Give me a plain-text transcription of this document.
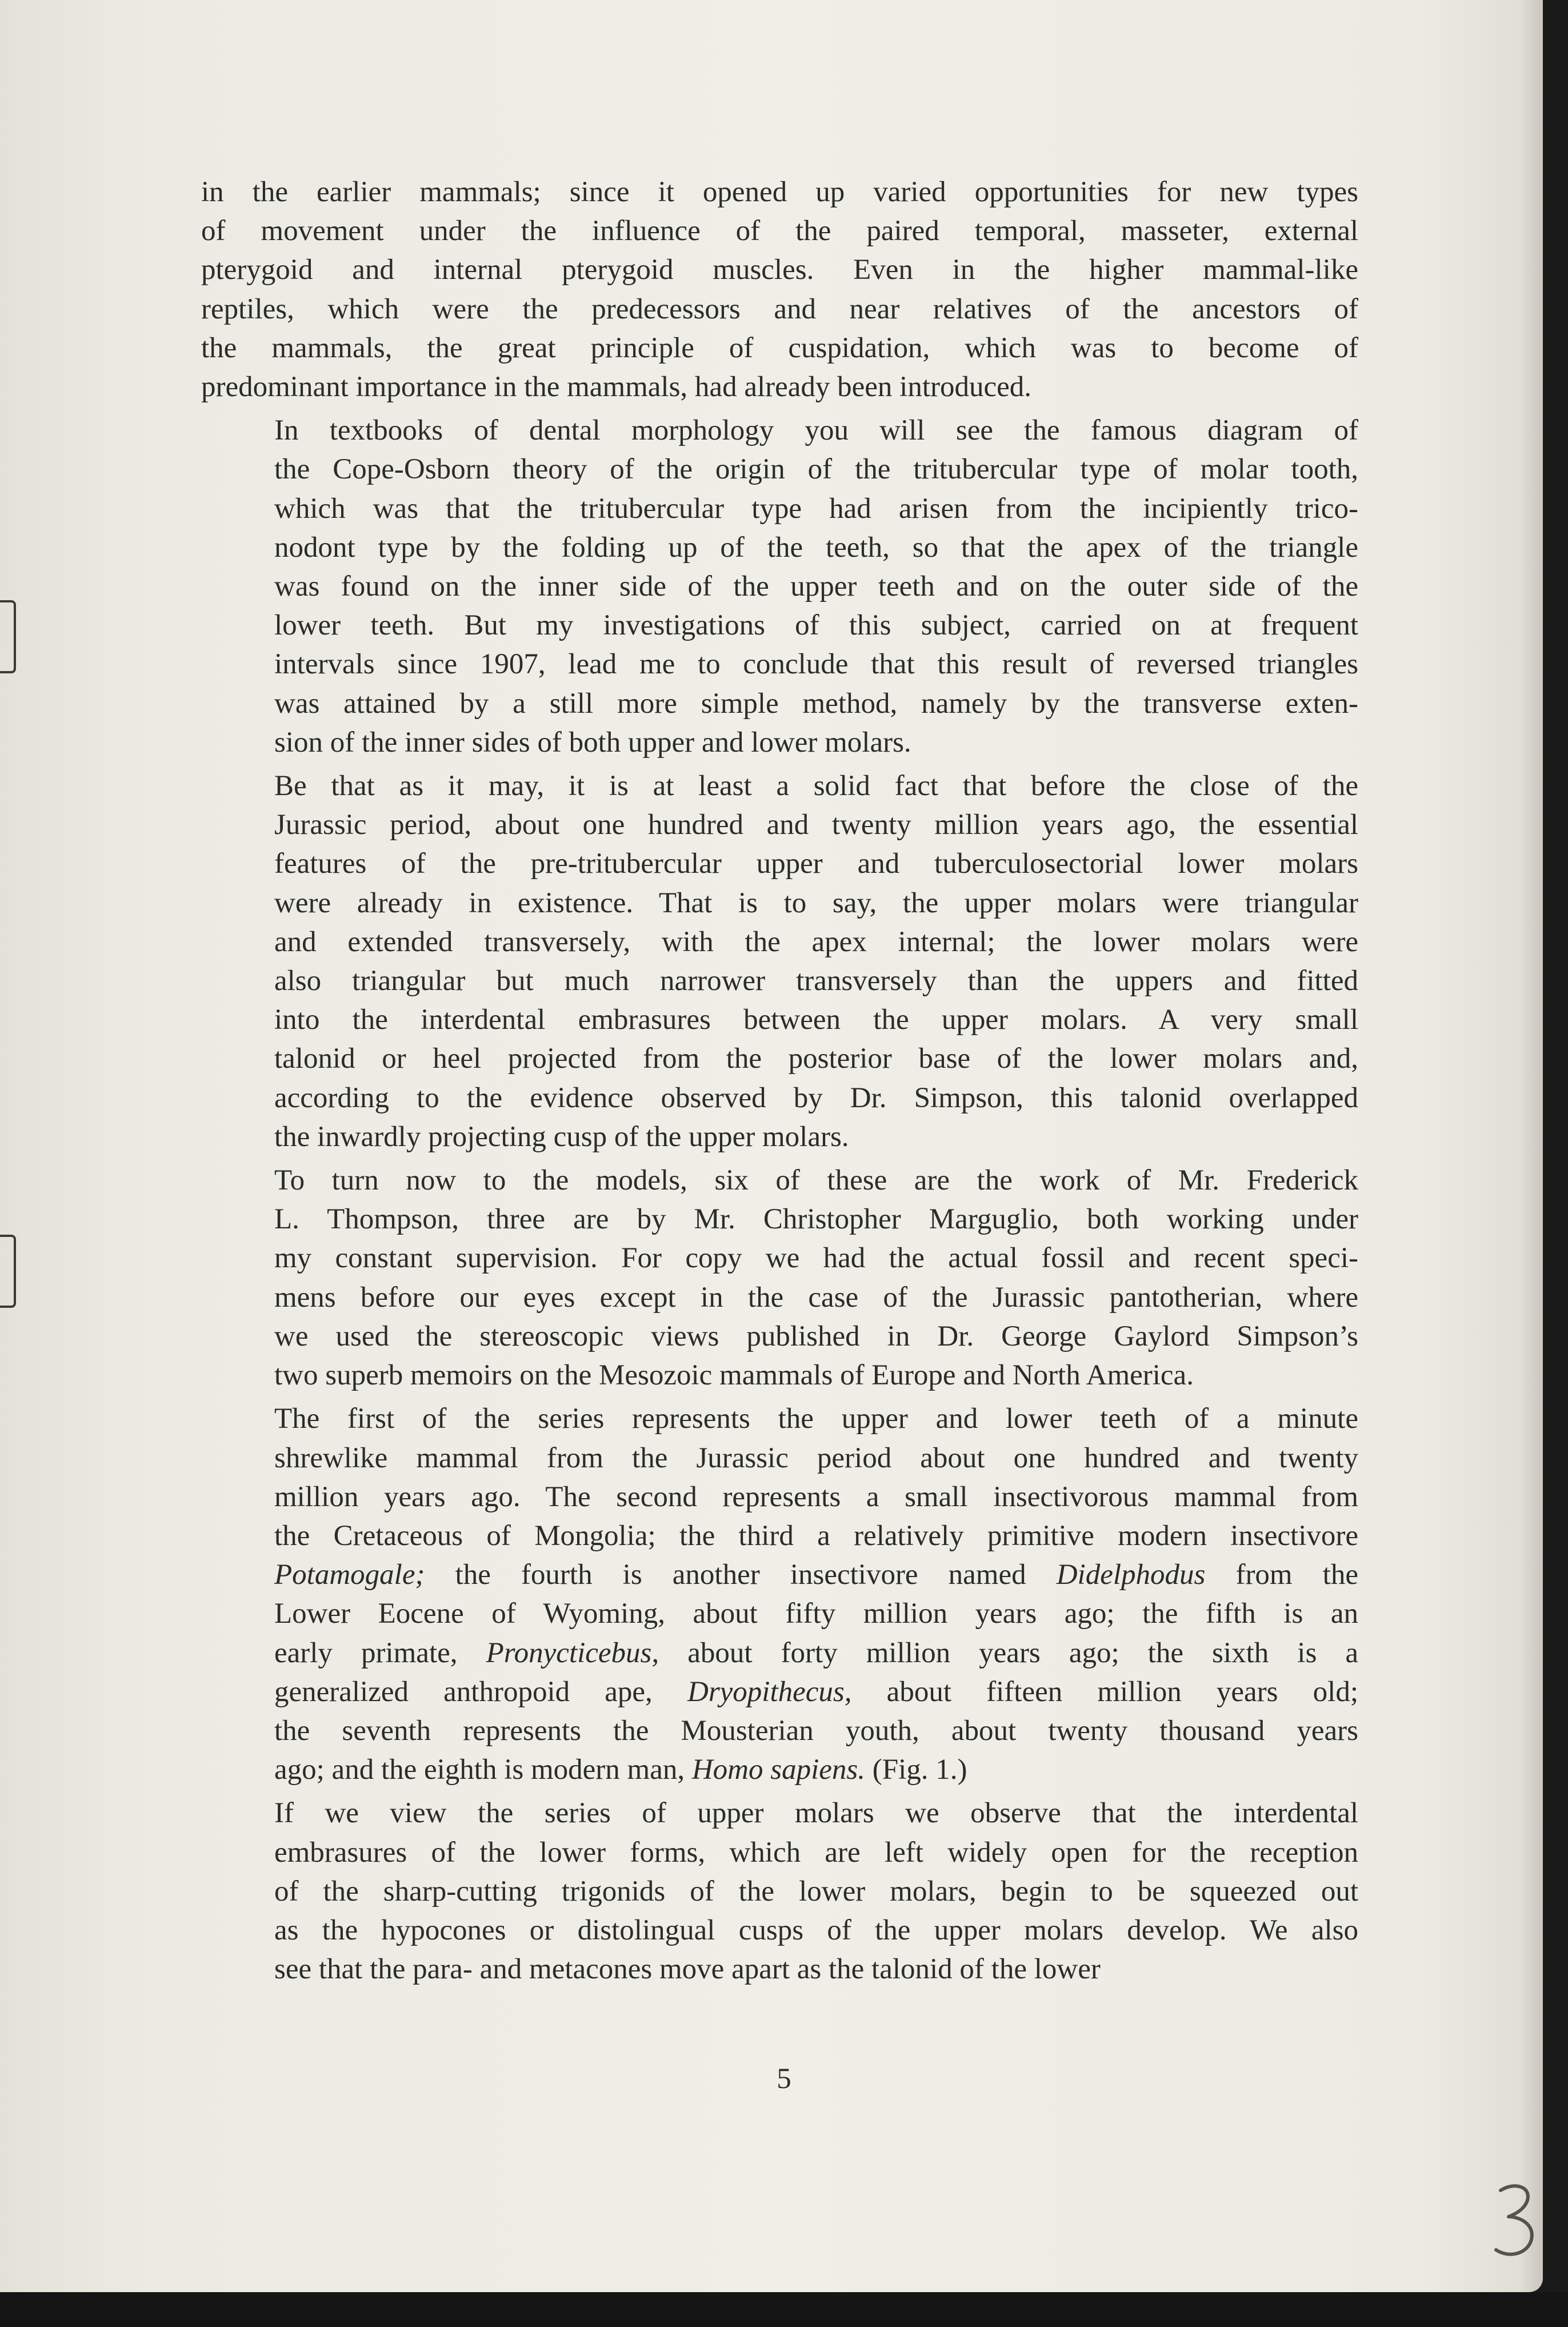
in the earlier mammals; since it opened up varied opportunities for new types
of movement under the influence of the paired temporal, masseter, external
pterygoid and internal pterygoid muscles. Even in the higher mammal-like
reptiles, which were the predecessors and near relatives of the ancestors of
the mammals, the great principle of cuspidation, which was to become of
predominant importance in the mammals, had already been introduced.
In textbooks of dental morphology you will see the famous diagram of
the Cope-Osborn theory of the origin of the tritubercular type of molar tooth,
which was that the tritubercular type had arisen from the incipiently trico-
nodont type by the folding up of the teeth, so that the apex of the triangle
was found on the inner side of the upper teeth and on the outer side of the
lower teeth. But my investigations of this subject, carried on at frequent
intervals since 1907, lead me to conclude that this result of reversed triangles
was attained by a still more simple method, namely by the transverse exten-
sion of the inner sides of both upper and lower molars.
Be that as it may, it is at least a solid fact that before the close of the
Jurassic period, about one hundred and twenty million years ago, the essential
features of the pre-tritubercular upper and tuberculosectorial lower molars
were already in existence. That is to say, the upper molars were triangular
and extended transversely, with the apex internal; the lower molars were
also triangular but much narrower transversely than the uppers and fitted
into the interdental embrasures between the upper molars. A very small
talonid or heel projected from the posterior base of the lower molars and,
according to the evidence observed by Dr. Simpson, this talonid overlapped
the inwardly projecting cusp of the upper molars.
To turn now to the models, six of these are the work of Mr. Frederick
L. Thompson, three are by Mr. Christopher Marguglio, both working under
my constant supervision. For copy we had the actual fossil and recent speci-
mens before our eyes except in the case of the Jurassic pantotherian, where
we used the stereoscopic views published in Dr. George Gaylord Simpson’s
two superb memoirs on the Mesozoic mammals of Europe and North America.
The first of the series represents the upper and lower teeth of a minute
shrewlike mammal from the Jurassic period about one hundred and twenty
million years ago. The second represents a small insectivorous mammal from
the Cretaceous of Mongolia; the third a relatively primitive modern insectivore
Potamogale; the fourth is another insectivore named Didelphodus from the
Lower Eocene of Wyoming, about fifty million years ago; the fifth is an
early primate, Pronycticebus, about forty million years ago; the sixth is a
generalized anthropoid ape, Dryopithecus, about fifteen million years old;
the seventh represents the Mousterian youth, about twenty thousand years
ago; and the eighth is modern man, Homo sapiens. (Fig. 1.)
If we view the series of upper molars we observe that the interdental
embrasures of the lower forms, which are left widely open for the reception
of the sharp-cutting trigonids of the lower molars, begin to be squeezed out
as the hypocones or distolingual cusps of the upper molars develop. We also
see that the para- and metacones move apart as the talonid of the lower
5
